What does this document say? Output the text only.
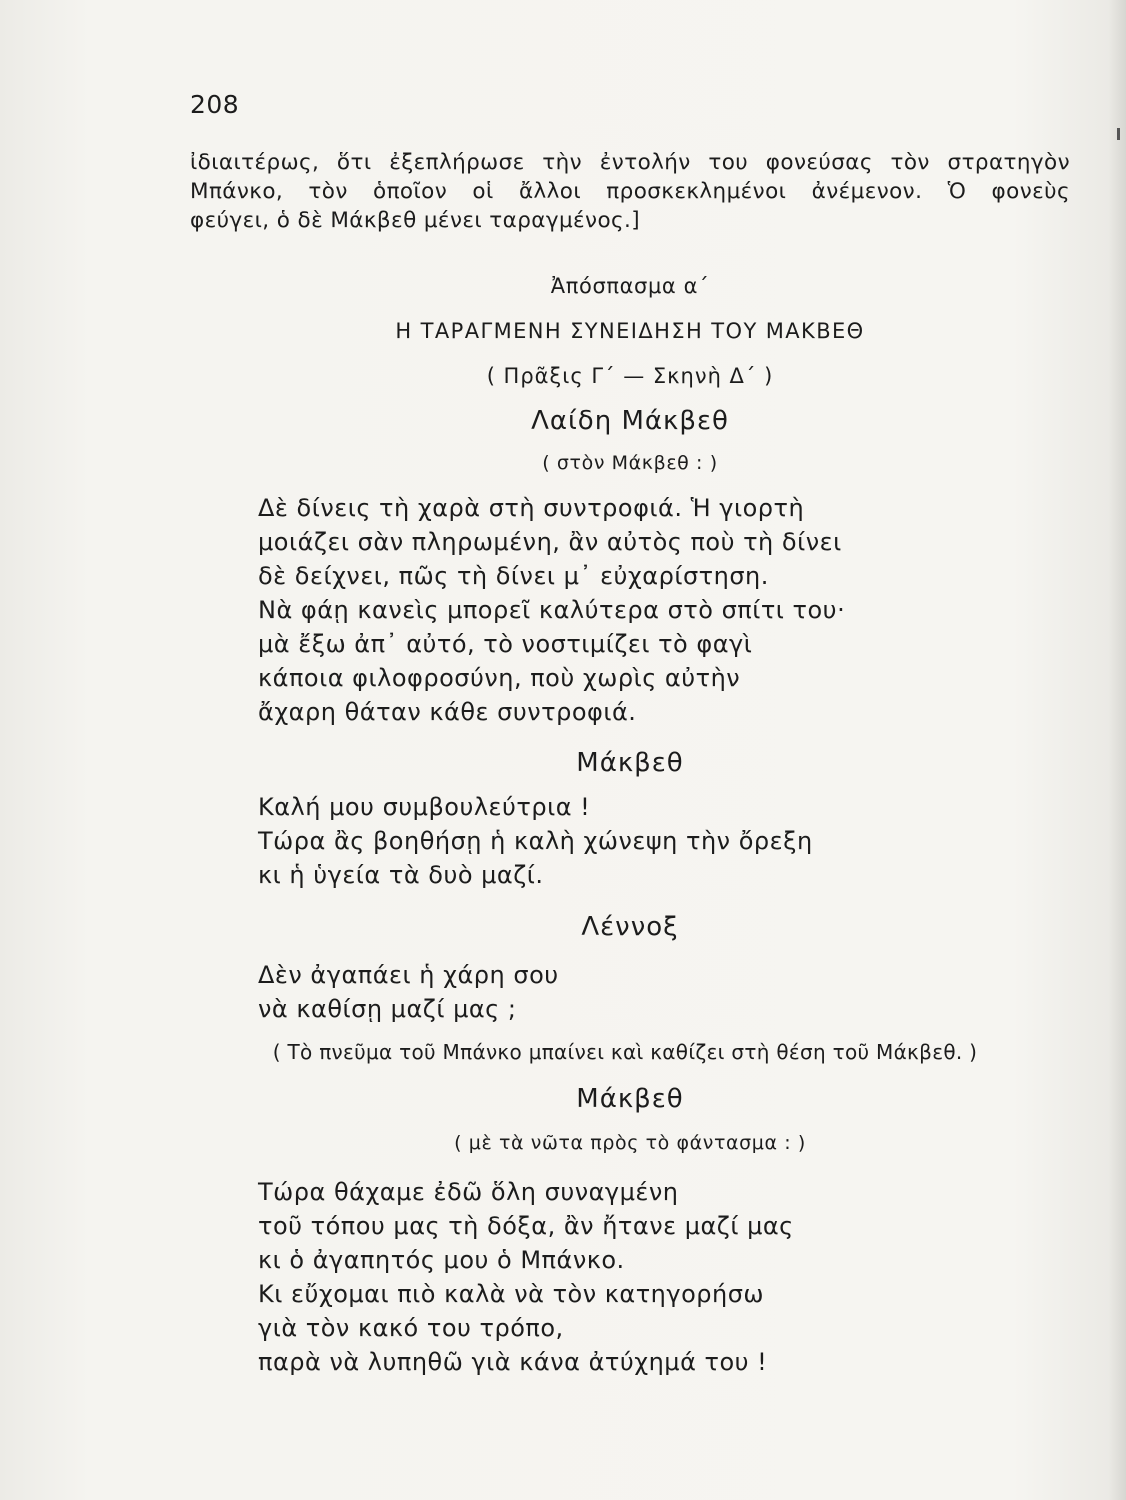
208
ἰδιαιτέρως, ὅτι ἐξεπλήρωσε τὴν ἐντολήν του φονεύσας τὸν στρατηγὸν
Μπάνκο, τὸν ὁποῖον οἱ ἄλλοι προσκεκλημένοι ἀνέμενον. Ὁ φονεὺς
φεύγει, ὁ δὲ Μάκβεθ μένει ταραγμένος.]
Ἀπόσπασμα α΄
Η ΤΑΡΑΓΜΕΝΗ ΣΥΝΕΙΔΗΣΗ ΤΟΥ ΜΑΚΒΕΘ
( Πρᾶξις Γ΄ — Σκηνὴ Δ΄ )
Λαίδη Μάκβεθ
( στὸν Μάκβεθ : )
Δὲ δίνεις τὴ χαρὰ στὴ συντροφιά. Ἡ γιορτὴ
μοιάζει σὰν πληρωμένη, ἂν αὐτὸς ποὺ τὴ δίνει
δὲ δείχνει, πῶς τὴ δίνει μ᾽ εὐχαρίστηση.
Νὰ φάῃ κανεὶς μπορεῖ καλύτερα στὸ σπίτι του·
μὰ ἔξω ἀπ᾽ αὐτό, τὸ νοστιμίζει τὸ φαγὶ
κάποια φιλοφροσύνη, ποὺ χωρὶς αὐτὴν
ἄχαρη θάταν κάθε συντροφιά.
Μάκβεθ
Καλή μου συμβουλεύτρια !
Τώρα ἂς βοηθήσῃ ἡ καλὴ χώνεψη τὴν ὄρεξη
κι ἡ ὑγεία τὰ δυὸ μαζί.
Λέννοξ
Δὲν ἀγαπάει ἡ χάρη σου
νὰ καθίσῃ μαζί μας ;
( Τὸ πνεῦμα τοῦ Μπάνκο μπαίνει καὶ καθίζει στὴ θέση τοῦ Μάκβεθ. )
Μάκβεθ
( μὲ τὰ νῶτα πρὸς τὸ φάντασμα : )
Τώρα θάχαμε ἐδῶ ὅλη συναγμένη
τοῦ τόπου μας τὴ δόξα, ἂν ἤτανε μαζί μας
κι ὁ ἀγαπητός μου ὁ Μπάνκο.
Κι εὔχομαι πιὸ καλὰ νὰ τὸν κατηγορήσω
γιὰ τὸν κακό του τρόπο,
παρὰ νὰ λυπηθῶ γιὰ κάνα ἀτύχημά του !
